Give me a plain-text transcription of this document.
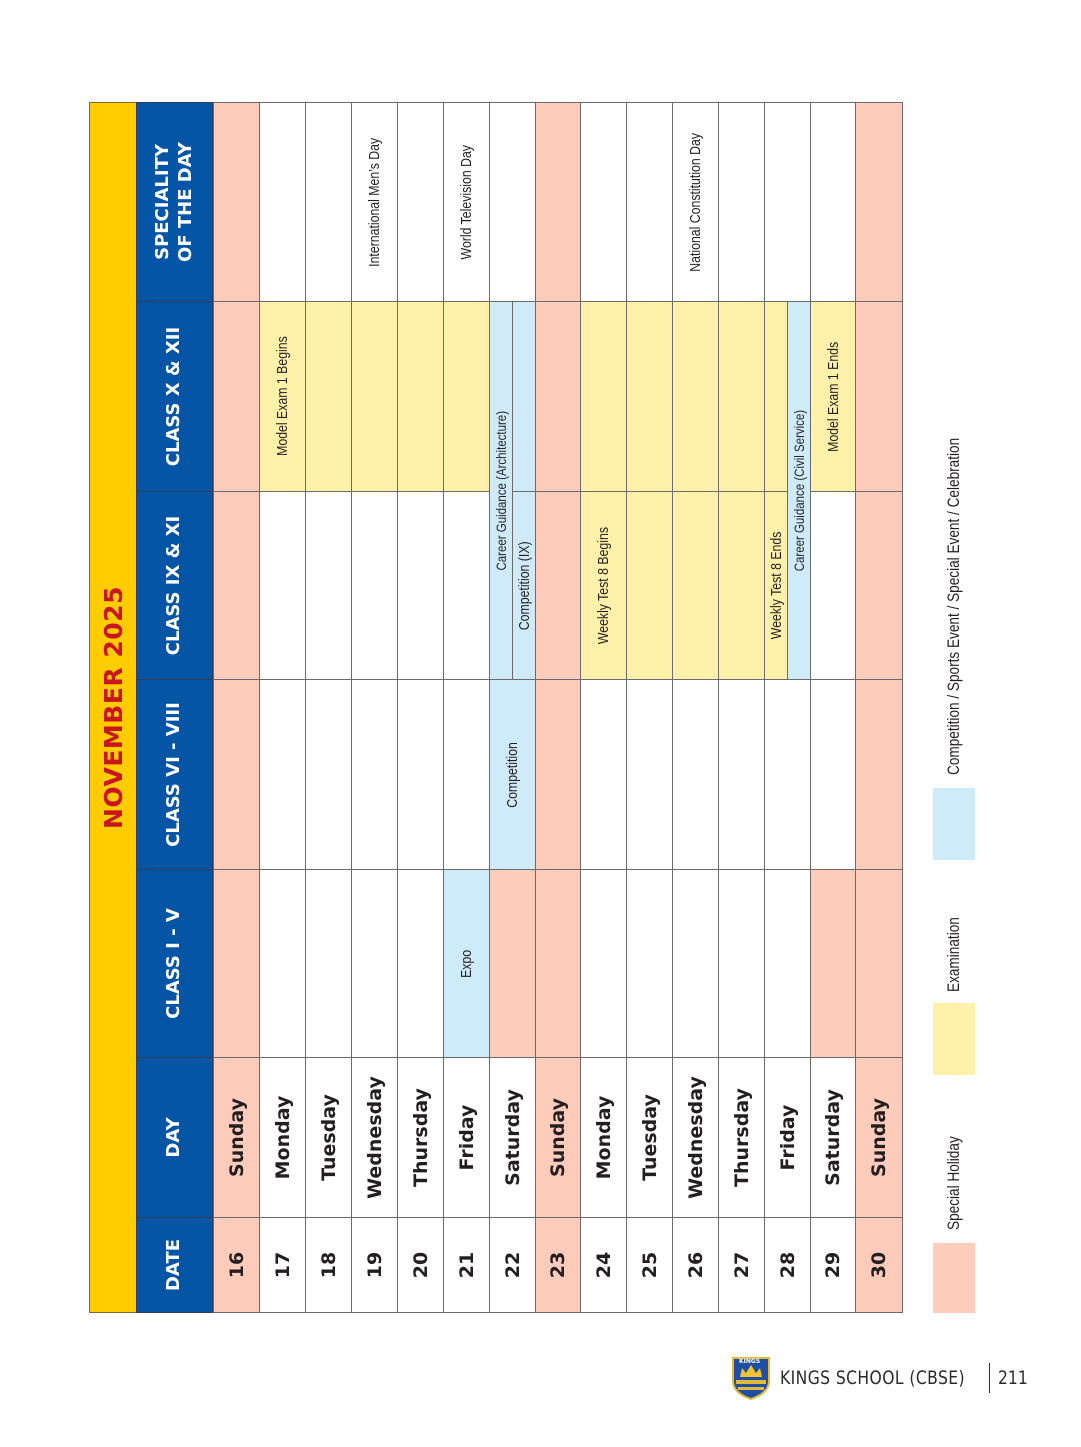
NOVEMBER 2025
DATE
DAY
CLASS I - V
CLASS VI - VIII
CLASS IX & XI
CLASS X & XII
SPECIALITY OF THE DAY
16
Sunday
17
Monday
18
Tuesday
19
Wednesday
International Men’s Day
20
Thursday
21
Friday
Expo
World Television Day
22
Saturday
Competition
Competition (IX)
23
Sunday
24
Monday
Weekly Test 8 Begins
25
Tuesday
26
Wednesday
National Constitution Day
27
Thursday
28
Friday
Weekly Test 8 Ends
29
Saturday
Model Exam 1 Ends
30
Sunday
Model Exam 1 Begins
Career Guidance (Architecture)	Career Guidance (Civil Service)
Special Holiday
Examination
Competition / Sports Event / Special Event / Celebration
KINGS
KINGS SCHOOL (CBSE) 211
